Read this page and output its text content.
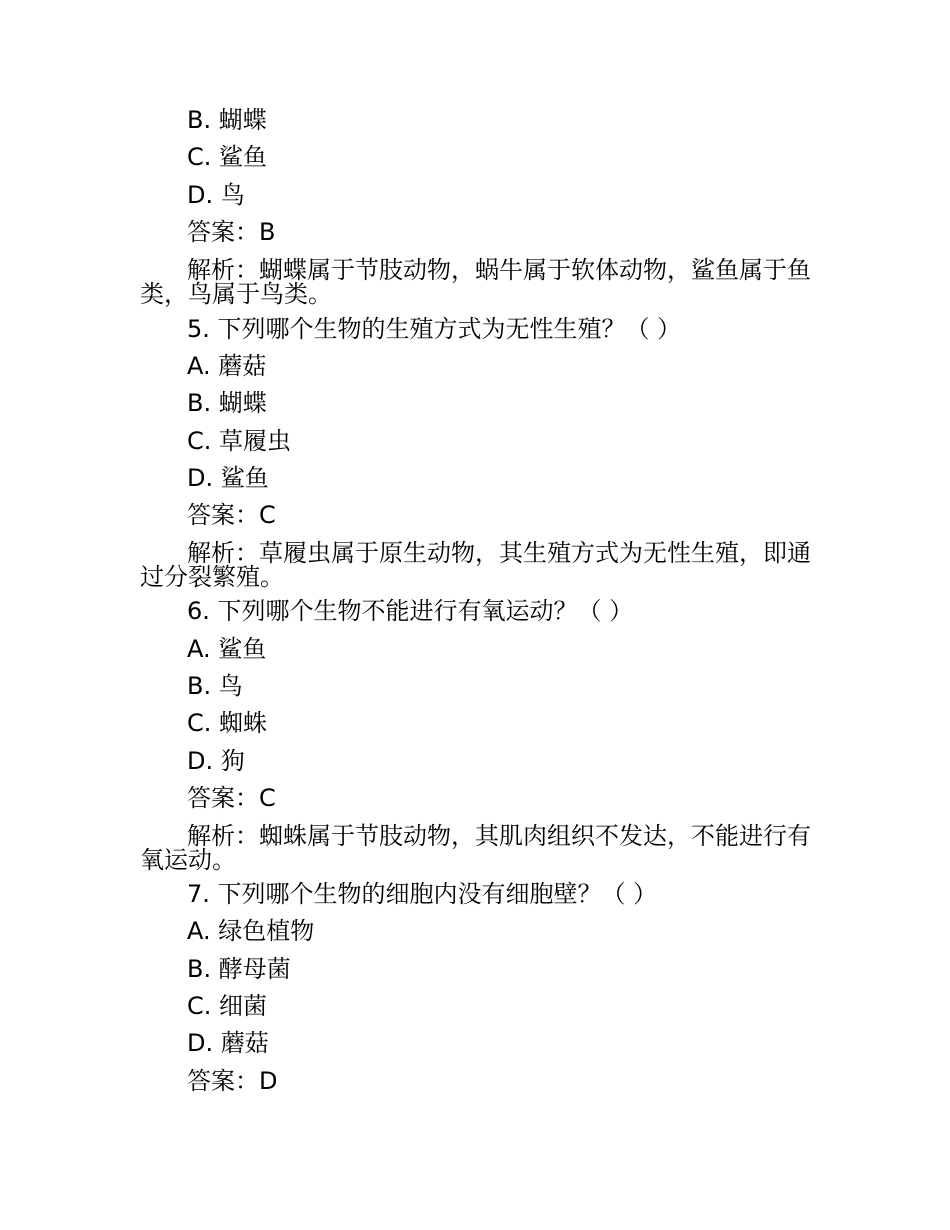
B. 蝴蝶
C. 鲨鱼
D. 鸟
答案：B
解析：蝴蝶属于节肢动物，蜗牛属于软体动物，鲨鱼属于鱼类，鸟属于鸟类。
5. 下列哪个生物的生殖方式为无性生殖？（ ）
A. 蘑菇
B. 蝴蝶
C. 草履虫
D. 鲨鱼
答案：C
解析：草履虫属于原生动物，其生殖方式为无性生殖，即通过分裂繁殖。
6. 下列哪个生物不能进行有氧运动？（ ）
A. 鲨鱼
B. 鸟
C. 蜘蛛
D. 狗
答案：C
解析：蜘蛛属于节肢动物，其肌肉组织不发达，不能进行有氧运动。
7. 下列哪个生物的细胞内没有细胞壁？（ ）
A. 绿色植物
B. 酵母菌
C. 细菌
D. 蘑菇
答案：D
